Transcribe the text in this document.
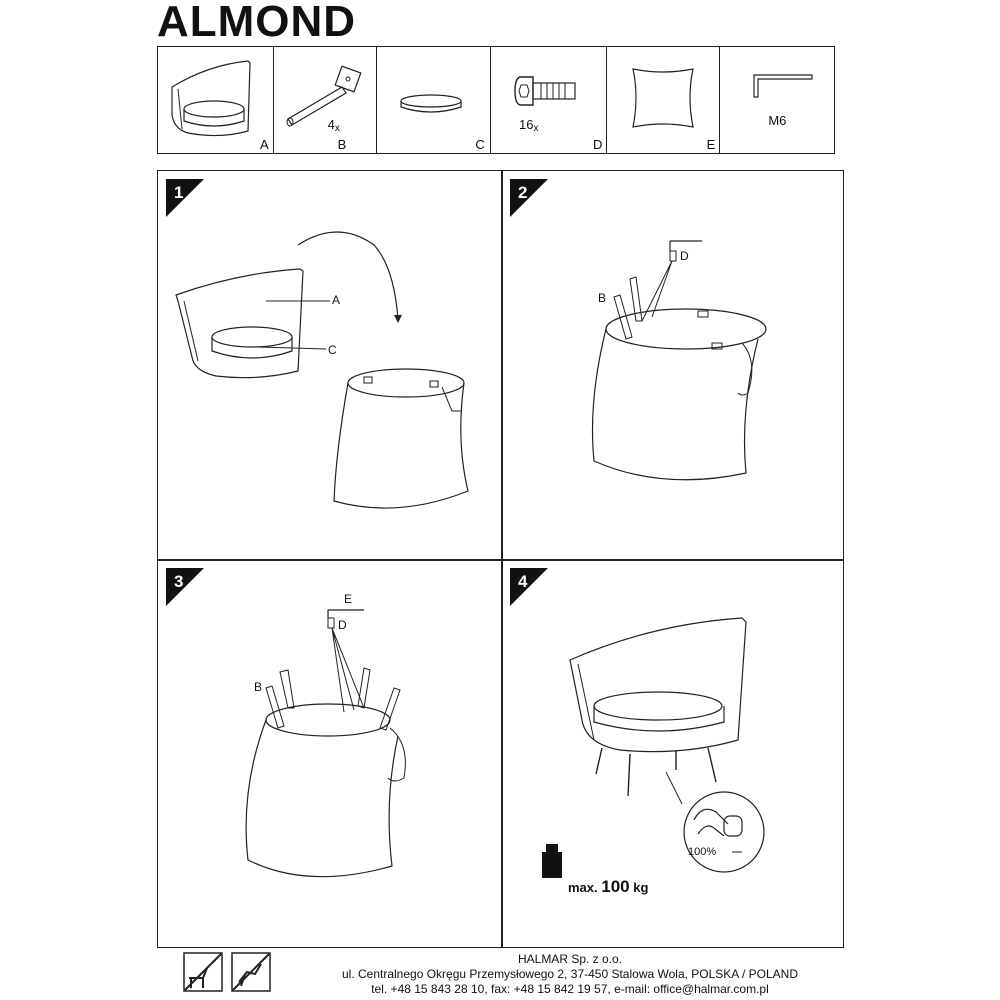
ALMOND
A
$4_x$
B	C
$16_x$
D	E
M6
1
A
C
2
D
B
3
E
D
B
4
100%
max. 100 kg
HALMAR Sp. z o.o.
ul. Centralnego Okręgu Przemysłowego 2, 37-450 Stalowa Wola, POLSKA / POLAND
tel. +48 15 843 28 10, fax: +48 15 842 19 57, e-mail: office@halmar.com.pl
